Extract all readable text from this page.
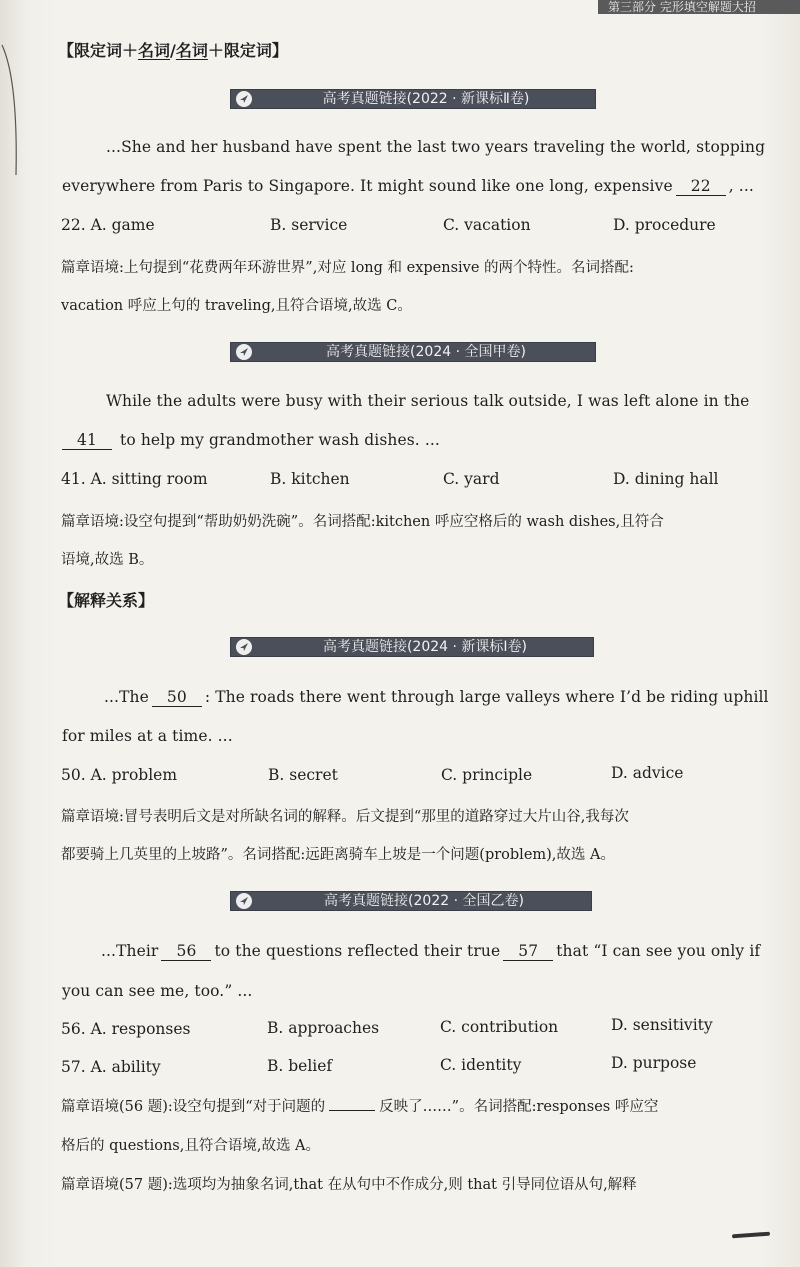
第三部分 完形填空解题大招
【限定词＋名词/名词＋限定词】
高考真题链接(2022 · 新课标Ⅱ卷)
...She and her husband have spent the last two years traveling the world, stopping
everywhere from Paris to Singapore. It might sound like one long, expensive 22 , ...
22. A. game	B. service	C. vacation	D. procedure
篇章语境:上句提到“花费两年环游世界”,对应 long 和 expensive 的两个特性。名词搭配:
vacation 呼应上句的 traveling,且符合语境,故选 C。
高考真题链接(2024 · 全国甲卷)
While the adults were busy with their serious talk outside, I was left alone in the
41 to help my grandmother wash dishes. ...
41. A. sitting room	B. kitchen	C. yard	D. dining hall
篇章语境:设空句提到“帮助奶奶洗碗”。名词搭配:kitchen 呼应空格后的 wash dishes,且符合
语境,故选 B。
【解释关系】
高考真题链接(2024 · 新课标Ⅰ卷)
...The 50 : The roads there went through large valleys where I’d be riding uphill
for miles at a time. ...
50. A. problem	B. secret	C. principle	D. advice
篇章语境:冒号表明后文是对所缺名词的解释。后文提到“那里的道路穿过大片山谷,我每次
都要骑上几英里的上坡路”。名词搭配:远距离骑车上坡是一个问题(problem),故选 A。
高考真题链接(2022 · 全国乙卷)
...Their 56 to the questions reflected their true 57 that “I can see you only if
you can see me, too.” ...
56. A. responses	B. approaches	C. contribution	D. sensitivity
57. A. ability	B. belief	C. identity	D. purpose
篇章语境(56 题):设空句提到“对于问题的	反映了……”。名词搭配:responses 呼应空
格后的 questions,且符合语境,故选 A。
篇章语境(57 题):选项均为抽象名词,that 在从句中不作成分,则 that 引导同位语从句,解释
